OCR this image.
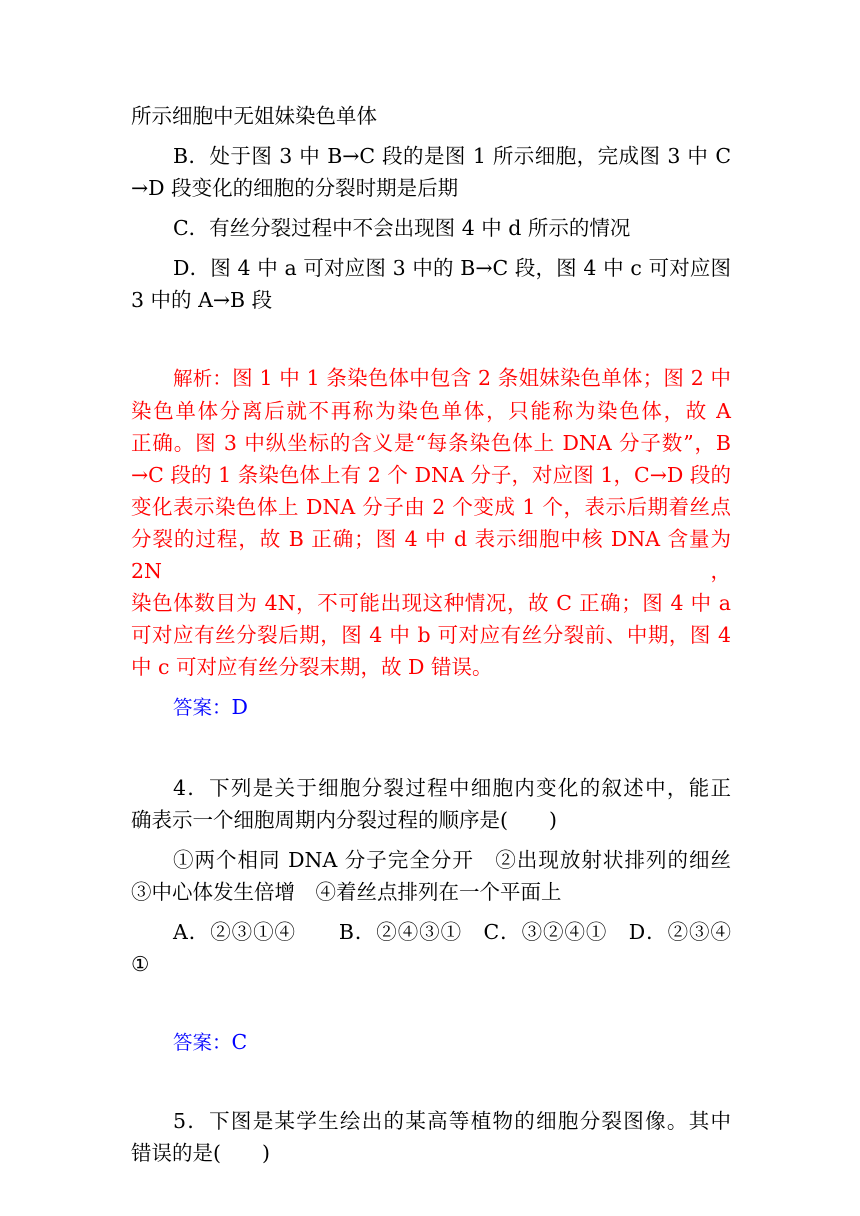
所示细胞中无姐妹染色单体
B．处于图 3 中 B→C 段的是图 1 所示细胞，完成图 3 中 C
→D 段变化的细胞的分裂时期是后期
C．有丝分裂过程中不会出现图 4 中 d 所示的情况
D．图 4 中 a 可对应图 3 中的 B→C 段，图 4 中 c 可对应图
3 中的 A→B 段
解析：图 1 中 1 条染色体中包含 2 条姐妹染色单体；图 2 中
染色单体分离后就不再称为染色单体，只能称为染色体，故 A
正确。图 3 中纵坐标的含义是“每条染色体上 DNA 分子数”，B
→C 段的 1 条染色体上有 2 个 DNA 分子，对应图 1，C→D 段的
变化表示染色体上 DNA 分子由 2 个变成 1 个，表示后期着丝点
分裂的过程，故 B 正确；图 4 中 d 表示细胞中核 DNA 含量为 2N，
染色体数目为 4N，不可能出现这种情况，故 C 正确；图 4 中 a
可对应有丝分裂后期，图 4 中 b 可对应有丝分裂前、中期，图 4
中 c 可对应有丝分裂末期，故 D 错误。
答案：D
4．下列是关于细胞分裂过程中细胞内变化的叙述中，能正
确表示一个细胞周期内分裂过程的顺序是(　　)
①两个相同 DNA 分子完全分开　②出现放射状排列的细丝
③中心体发生倍增　④着丝点排列在一个平面上
A．②③①④　　B．②④③①　C．③②④①　D．②③④
①
答案：C
5．下图是某学生绘出的某高等植物的细胞分裂图像。其中
错误的是(　　)
